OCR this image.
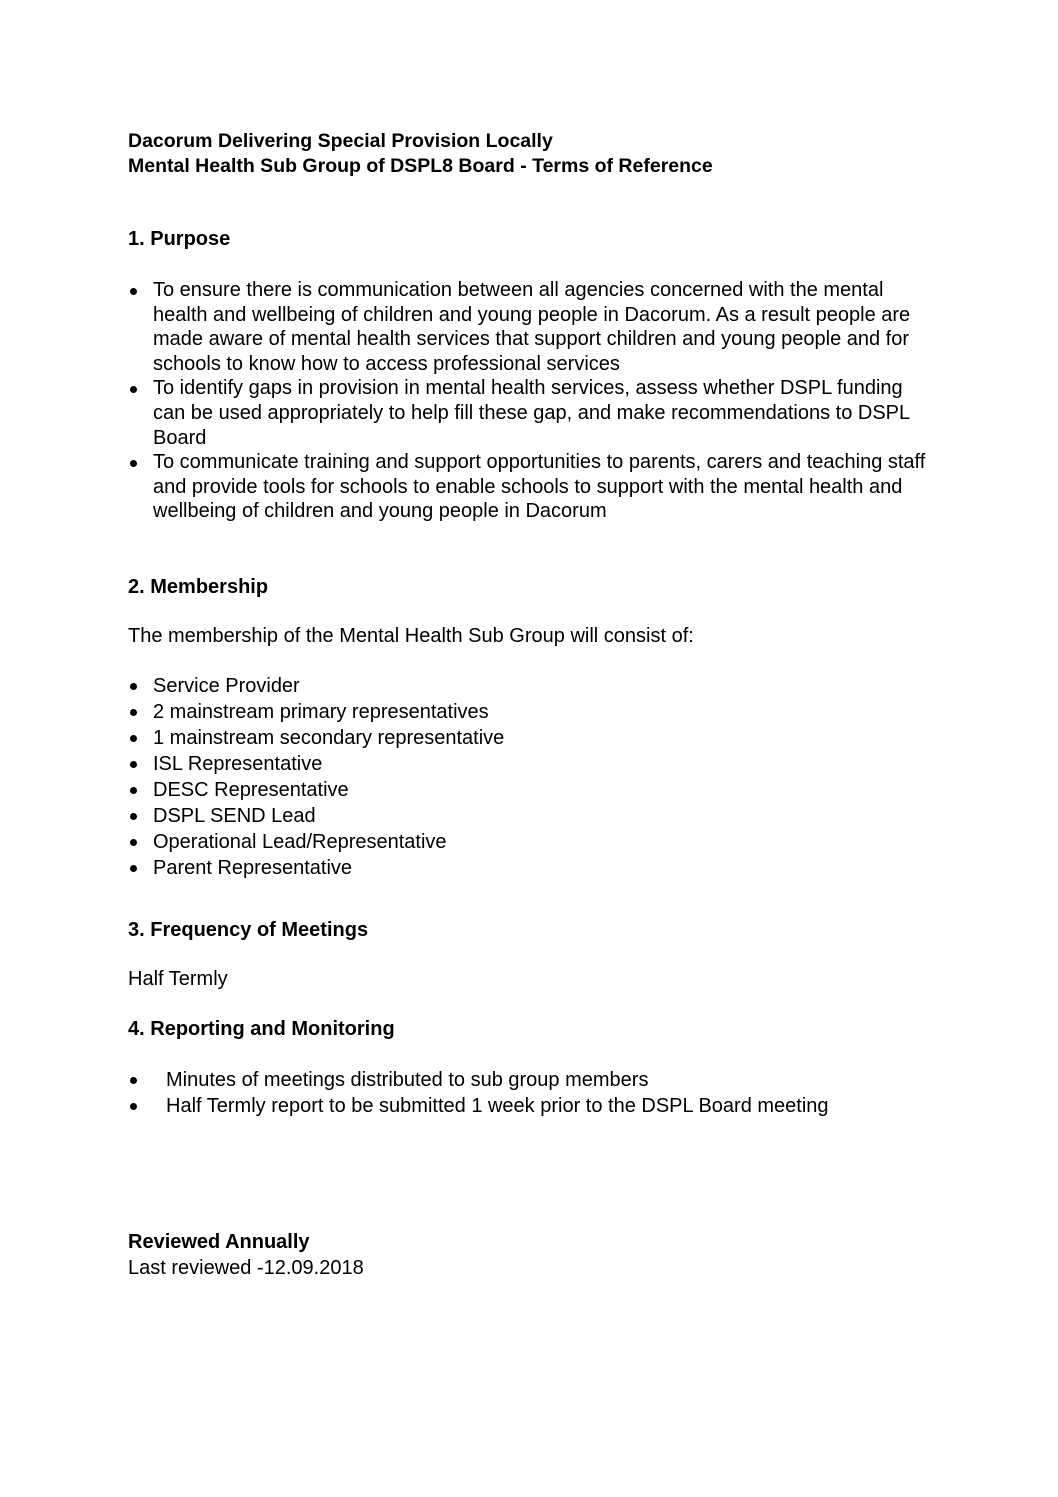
Dacorum Delivering Special Provision Locally
Mental Health Sub Group of DSPL8 Board - Terms of Reference
1. Purpose
To ensure there is communication between all agencies concerned with the mental health and wellbeing of children and young people in Dacorum. As a result people are made aware of mental health services that support children and young people and for schools to know how to access professional services
To identify gaps in provision in mental health services, assess whether DSPL funding can be used appropriately to help fill these gap, and make recommendations to DSPL Board
To communicate training and support opportunities to parents, carers and teaching staff and provide tools for schools to enable schools to support with the mental health and wellbeing of children and young people in Dacorum
2. Membership
The membership of the Mental Health Sub Group will consist of:
Service Provider
2 mainstream primary representatives
1 mainstream secondary representative
ISL Representative
DESC Representative
DSPL SEND Lead
Operational Lead/Representative
Parent Representative
3. Frequency of Meetings
Half Termly
4. Reporting and Monitoring
Minutes of meetings distributed to sub group members
Half Termly report to be submitted 1 week prior to the DSPL Board meeting
Reviewed Annually
Last reviewed -12.09.2018
